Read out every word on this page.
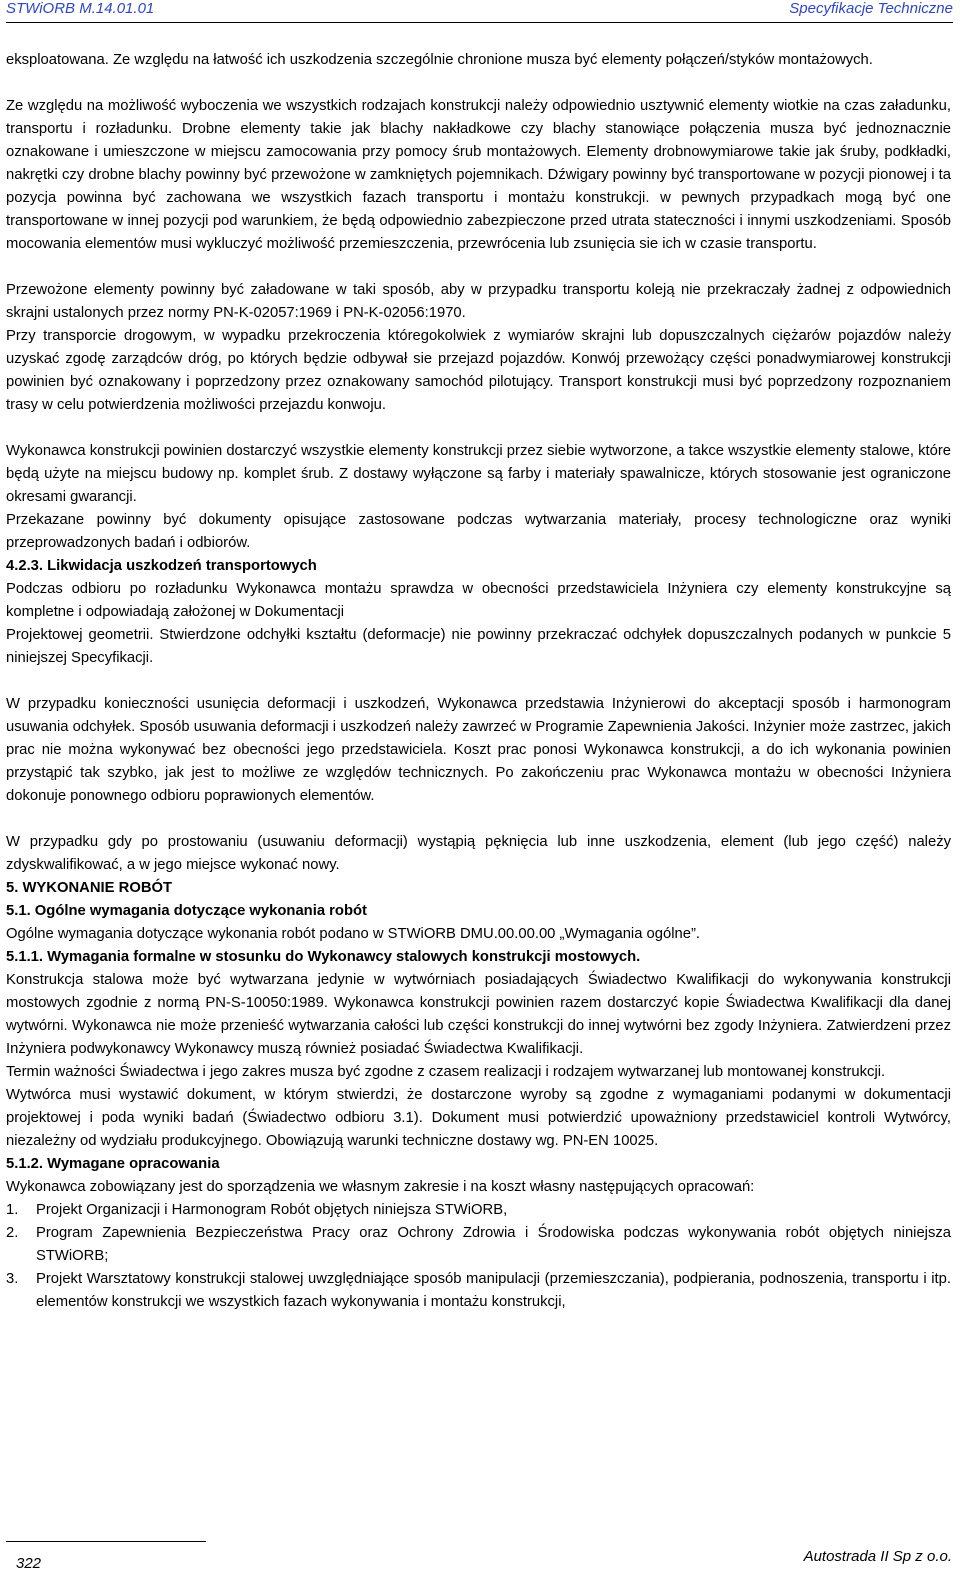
STWiORB M.14.01.01	Specyfikacje Techniczne

eksploatowana. Ze względu na łatwość ich uszkodzenia szczególnie chronione musza być elementy połączeń/styków montażowych.

Ze względu na możliwość wyboczenia we wszystkich rodzajach konstrukcji należy odpowiednio usztywnić elementy wiotkie na czas załadunku, transportu i rozładunku. Drobne elementy takie jak blachy nakładkowe czy blachy stanowiące połączenia musza być jednoznacznie oznakowane i umieszczone w miejscu zamocowania przy pomocy śrub montażowych. Elementy drobnowymiarowe takie jak śruby, podkładki, nakrętki czy drobne blachy powinny być przewożone w zamkniętych pojemnikach. Dźwigary powinny być transportowane w pozycji pionowej i ta pozycja powinna być zachowana we wszystkich fazach transportu i montażu konstrukcji. w pewnych przypadkach mogą być one transportowane w innej pozycji pod warunkiem, że będą odpowiednio zabezpieczone przed utrata stateczności i innymi uszkodzeniami. Sposób mocowania elementów musi wykluczyć możliwość przemieszczenia, przewrócenia lub zsunięcia sie ich w czasie transportu.

Przewożone elementy powinny być załadowane w taki sposób, aby w przypadku transportu koleją nie przekraczały żadnej z odpowiednich skrajni ustalonych przez normy PN-K-02057:1969 i PN-K-02056:1970.

Przy transporcie drogowym, w wypadku przekroczenia któregokolwiek z wymiarów skrajni lub dopuszczalnych ciężarów pojazdów należy uzyskać zgodę zarządców dróg, po których będzie odbywał sie przejazd pojazdów. Konwój przewożący części ponadwymiarowej konstrukcji powinien być oznakowany i poprzedzony przez oznakowany samochód pilotujący. Transport konstrukcji musi być poprzedzony rozpoznaniem trasy w celu potwierdzenia możliwości przejazdu konwoju.

Wykonawca konstrukcji powinien dostarczyć wszystkie elementy konstrukcji przez siebie wytworzone, a takce wszystkie elementy stalowe, które będą użyte na miejscu budowy np. komplet śrub. Z dostawy wyłączone są farby i materiały spawalnicze, których stosowanie jest ograniczone okresami gwarancji.

Przekazane powinny być dokumenty opisujące zastosowane podczas wytwarzania materiały, procesy technologiczne oraz wyniki przeprowadzonych badań i odbiorów.

4.2.3. Likwidacja uszkodzeń transportowych

Podczas odbioru po rozładunku Wykonawca montażu sprawdza w obecności przedstawiciela Inżyniera czy elementy konstrukcyjne są kompletne i odpowiadają założonej w Dokumentacji

Projektowej geometrii. Stwierdzone odchyłki kształtu (deformacje) nie powinny przekraczać odchyłek dopuszczalnych podanych w punkcie 5 niniejszej Specyfikacji.

W przypadku konieczności usunięcia deformacji i uszkodzeń, Wykonawca przedstawia Inżynierowi do akceptacji sposób i harmonogram usuwania odchyłek. Sposób usuwania deformacji i uszkodzeń należy zawrzeć w Programie Zapewnienia Jakości. Inżynier może zastrzec, jakich prac nie można wykonywać bez obecności jego przedstawiciela. Koszt prac ponosi Wykonawca konstrukcji, a do ich wykonania powinien przystąpić tak szybko, jak jest to możliwe ze względów technicznych. Po zakończeniu prac Wykonawca montażu w obecności Inżyniera dokonuje ponownego odbioru poprawionych elementów.

W przypadku gdy po prostowaniu (usuwaniu deformacji) wystąpią pęknięcia lub inne uszkodzenia, element (lub jego część) należy zdyskwalifikować, a w jego miejsce wykonać nowy.

5. WYKONANIE ROBÓT

5.1. Ogólne wymagania dotyczące wykonania robót

Ogólne wymagania dotyczące wykonania robót podano w STWiORB DMU.00.00.00 „Wymagania ogólne”.

5.1.1. Wymagania formalne w stosunku do Wykonawcy stalowych konstrukcji mostowych.

Konstrukcja stalowa może być wytwarzana jedynie w wytwórniach posiadających Świadectwo Kwalifikacji do wykonywania konstrukcji mostowych zgodnie z normą PN-S-10050:1989. Wykonawca konstrukcji powinien razem dostarczyć kopie Świadectwa Kwalifikacji dla danej wytwórni. Wykonawca nie może przenieść wytwarzania całości lub części konstrukcji do innej wytwórni bez zgody Inżyniera. Zatwierdzeni przez Inżyniera podwykonawcy Wykonawcy muszą również posiadać Świadectwa Kwalifikacji.

Termin ważności Świadectwa i jego zakres musza być zgodne z czasem realizacji i rodzajem wytwarzanej lub montowanej konstrukcji.

Wytwórca musi wystawić dokument, w którym stwierdzi, że dostarczone wyroby są zgodne z wymaganiami podanymi w dokumentacji projektowej i poda wyniki badań (Świadectwo odbioru 3.1). Dokument musi potwierdzić upoważniony przedstawiciel kontroli Wytwórcy, niezależny od wydziału produkcyjnego. Obowiązują warunki techniczne dostawy wg. PN-EN 10025.

5.1.2. Wymagane opracowania

Wykonawca zobowiązany jest do sporządzenia we własnym zakresie i na koszt własny następujących opracowań:

1. Projekt Organizacji i Harmonogram Robót objętych niniejsza STWiORB,
2. Program Zapewnienia Bezpieczeństwa Pracy oraz Ochrony Zdrowia i Środowiska podczas wykonywania robót objętych niniejsza STWiORB;
3. Projekt Warsztatowy konstrukcji stalowej uwzględniające sposób manipulacji (przemieszczania), podpierania, podnoszenia, transportu i itp. elementów konstrukcji we wszystkich fazach wykonywania i montażu konstrukcji,
322	Autostrada II Sp z o.o.
